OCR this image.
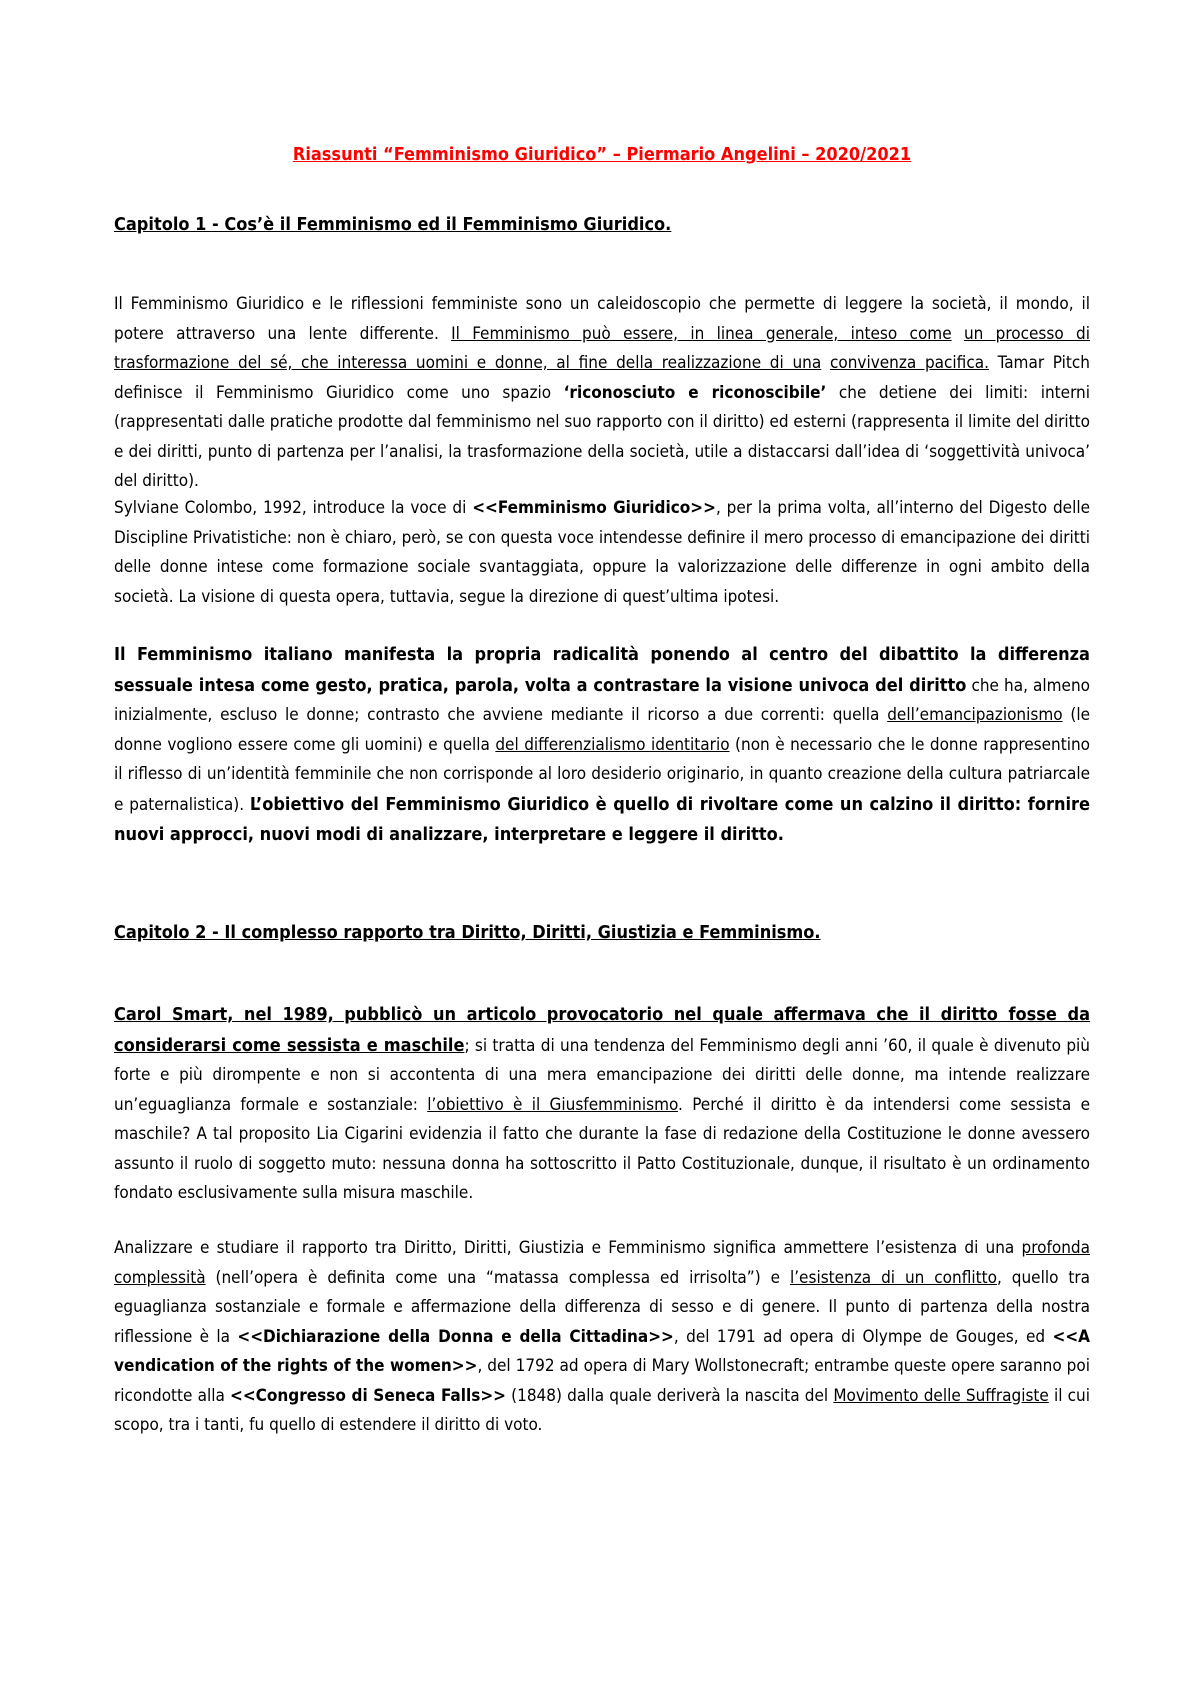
Riassunti “Femminismo Giuridico” – Piermario Angelini – 2020/2021
Capitolo 1 - Cos’è il Femminismo ed il Femminismo Giuridico.

Il Femminismo Giuridico e le riflessioni femministe sono un caleidoscopio che permette di leggere la società, il mondo, il potere attraverso una lente differente. Il Femminismo può essere, in linea generale, inteso come un processo di trasformazione del sé, che interessa uomini e donne, al fine della realizzazione di una convivenza pacifica. Tamar Pitch definisce il Femminismo Giuridico come uno spazio ‘riconosciuto e riconoscibile’ che detiene dei limiti: interni (rappresentati dalle pratiche prodotte dal femminismo nel suo rapporto con il diritto) ed esterni (rappresenta il limite del diritto e dei diritti, punto di partenza per l’analisi, la trasformazione della società, utile a distaccarsi dall’idea di ‘soggettività univoca’ del diritto).

Sylviane Colombo, 1992, introduce la voce di <<Femminismo Giuridico>>, per la prima volta, all’interno del Digesto delle Discipline Privatistiche: non è chiaro, però, se con questa voce intendesse definire il mero processo di emancipazione dei diritti delle donne intese come formazione sociale svantaggiata, oppure la valorizzazione delle differenze in ogni ambito della società. La visione di questa opera, tuttavia, segue la direzione di quest’ultima ipotesi.

Il Femminismo italiano manifesta la propria radicalità ponendo al centro del dibattito la differenza sessuale intesa come gesto, pratica, parola, volta a contrastare la visione univoca del diritto che ha, almeno inizialmente, escluso le donne; contrasto che avviene mediante il ricorso a due correnti: quella dell’emancipazionismo (le donne vogliono essere come gli uomini) e quella del differenzialismo identitario (non è necessario che le donne rappresentino il riflesso di un’identità femminile che non corrisponde al loro desiderio originario, in quanto creazione della cultura patriarcale e paternalistica). L’obiettivo del Femminismo Giuridico è quello di rivoltare come un calzino il diritto: fornire nuovi approcci, nuovi modi di analizzare, interpretare e leggere il diritto.

Capitolo 2 - Il complesso rapporto tra Diritto, Diritti, Giustizia e Femminismo.

Carol Smart, nel 1989, pubblicò un articolo provocatorio nel quale affermava che il diritto fosse da considerarsi come sessista e maschile; si tratta di una tendenza del Femminismo degli anni ’60, il quale è divenuto più forte e più dirompente e non si accontenta di una mera emancipazione dei diritti delle donne, ma intende realizzare un’eguaglianza formale e sostanziale: l’obiettivo è il Giusfemminismo. Perché il diritto è da intendersi come sessista e maschile? A tal proposito Lia Cigarini evidenzia il fatto che durante la fase di redazione della Costituzione le donne avessero assunto il ruolo di soggetto muto: nessuna donna ha sottoscritto il Patto Costituzionale, dunque, il risultato è un ordinamento fondato esclusivamente sulla misura maschile.

Analizzare e studiare il rapporto tra Diritto, Diritti, Giustizia e Femminismo significa ammettere l’esistenza di una profonda complessità (nell’opera è definita come una “matassa complessa ed irrisolta”) e l’esistenza di un conflitto, quello tra eguaglianza sostanziale e formale e affermazione della differenza di sesso e di genere. Il punto di partenza della nostra riflessione è la <<Dichiarazione della Donna e della Cittadina>>, del 1791 ad opera di Olympe de Gouges, ed <<A vendication of the rights of the women>>, del 1792 ad opera di Mary Wollstonecraft; entrambe queste opere saranno poi ricondotte alla <<Congresso di Seneca Falls>> (1848) dalla quale deriverà la nascita del Movimento delle Suffragiste il cui scopo, tra i tanti, fu quello di estendere il diritto di voto.
